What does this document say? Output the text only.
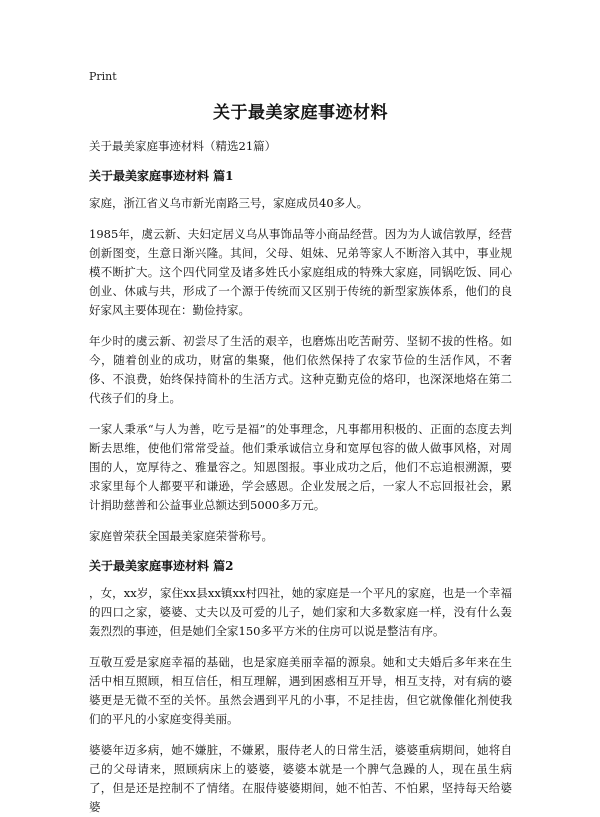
Print
关于最美家庭事迹材料
关于最美家庭事迹材料（精选21篇）
关于最美家庭事迹材料 篇1

家庭，浙江省义乌市新光南路三号，家庭成员40多人。

1985年，虞云新、夫妇定居义乌从事饰品等小商品经营。因为为人诚信敦厚，经营创新图变，生意日渐兴隆。其间，父母、姐妹、兄弟等家人不断溶入其中，事业规模不断扩大。这个四代同堂及诸多姓氏小家庭组成的特殊大家庭，同锅吃饭、同心创业、休戚与共，形成了一个源于传统而又区别于传统的新型家族体系，他们的良好家风主要体现在：勤俭持家。

年少时的虞云新、初尝尽了生活的艰辛，也磨炼出吃苦耐劳、坚韧不拔的性格。如今，随着创业的成功，财富的集聚，他们依然保持了农家节俭的生活作风，不奢侈、不浪费，始终保持简朴的生活方式。这种克勤克俭的烙印，也深深地烙在第二代孩子们的身上。

一家人秉承“与人为善，吃亏是福”的处事理念，凡事都用积极的、正面的态度去判断去思维，使他们常常受益。他们秉承诚信立身和宽厚包容的做人做事风格，对周围的人，宽厚待之、雅量容之。知恩图报。事业成功之后，他们不忘追根溯源，要求家里每个人都要平和谦逊，学会感恩。企业发展之后，一家人不忘回报社会，累计捐助慈善和公益事业总额达到5000多万元。

家庭曾荣获全国最美家庭荣誉称号。

关于最美家庭事迹材料 篇2

，女，xx岁，家住xx县xx镇xx村四社，她的家庭是一个平凡的家庭，也是一个幸福的四口之家，婆婆、丈夫以及可爱的儿子，她们家和大多数家庭一样，没有什么轰轰烈烈的事迹，但是她们全家150多平方米的住房可以说是整洁有序。

互敬互爱是家庭幸福的基础，也是家庭美丽幸福的源泉。她和丈夫婚后多年来在生活中相互照顾，相互信任，相互理解，遇到困惑相互开导，相互支持，对有病的婆婆更是无微不至的关怀。虽然会遇到平凡的小事，不足挂齿，但它就像催化剂使我们的平凡的小家庭变得美丽。

婆婆年迈多病，她不嫌脏，不嫌累，服侍老人的日常生活，婆婆重病期间，她将自己的父母请来，照顾病床上的婆婆，婆婆本就是一个脾气急躁的人，现在虽生病了，但是还是控制不了情绪。在服侍婆婆期间，她不怕苦、不怕累，坚持每天给婆婆
